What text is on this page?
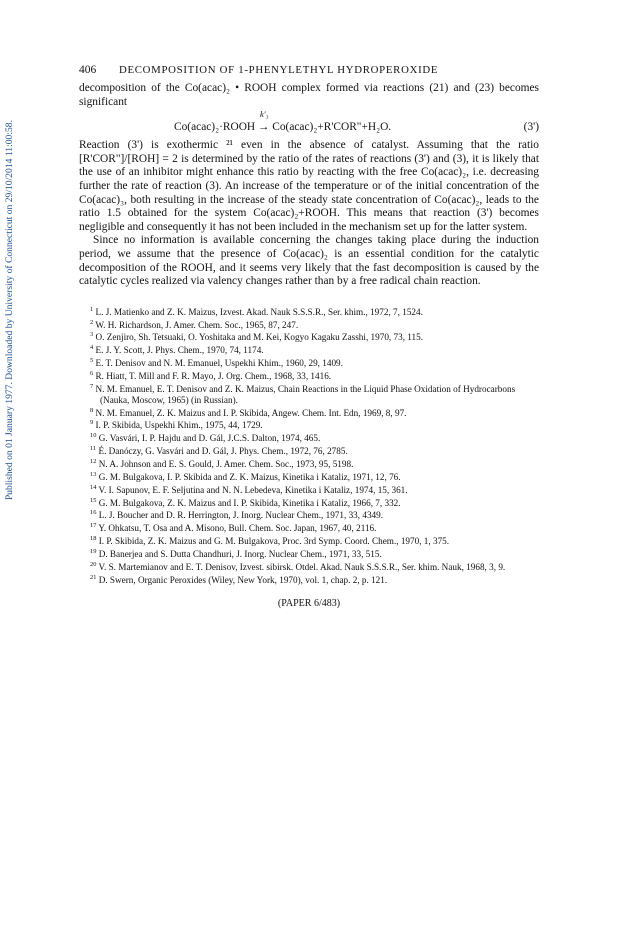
Published on 01 January 1977. Downloaded by University of Connecticut on 29/10/2014 11:00:58.
406 DECOMPOSITION OF 1-PHENYLETHYL HYDROPEROXIDE

decomposition of the Co(acac)₂ • ROOH complex formed via reactions (21) and (23) becomes significant

k'₃
Co(acac)₂·ROOH → Co(acac)₂+R'COR"+H₂O.	(3')

Reaction (3') is exothermic ²¹ even in the absence of catalyst. Assuming that the ratio [R'COR"]/[ROH] = 2 is determined by the ratio of the rates of reactions (3') and (3), it is likely that the use of an inhibitor might enhance this ratio by reacting with the free Co(acac)₂, i.e. decreasing further the rate of reaction (3). An increase of the temperature or of the initial concentration of the Co(acac)₃, both resulting in the increase of the steady state concentration of Co(acac)₂, leads to the ratio 1.5 obtained for the system Co(acac)₂+ROOH. This means that reaction (3') becomes negligible and consequently it has not been included in the mechanism set up for the latter system.

Since no information is available concerning the changes taking place during the induction period, we assume that the presence of Co(acac)₂ is an essential condition for the catalytic decomposition of the ROOH, and it seems very likely that the fast decomposition is caused by the catalytic cycles realized via valency changes rather than by a free radical chain reaction.

$^1$ L. J. Matienko and Z. K. Maizus, Izvest. Akad. Nauk S.S.S.R., Ser. khim., 1972, 7, 1524.
$^2$ W. H. Richardson, J. Amer. Chem. Soc., 1965, 87, 247.
$^3$ O. Zenjiro, Sh. Tetsuaki, O. Yoshitaka and M. Kei, Kogyo Kagaku Zasshi, 1970, 73, 115.
$^4$ E. J. Y. Scott, J. Phys. Chem., 1970, 74, 1174.
$^5$ E. T. Denisov and N. M. Emanuel, Uspekhi Khim., 1960, 29, 1409.
$^6$ R. Hiatt, T. Mill and F. R. Mayo, J. Org. Chem., 1968, 33, 1416.
$^7$ N. M. Emanuel, E. T. Denisov and Z. K. Maizus, Chain Reactions in the Liquid Phase Oxidation of Hydrocarbons (Nauka, Moscow, 1965) (in Russian).
$^8$ N. M. Emanuel, Z. K. Maizus and I. P. Skibida, Angew. Chem. Int. Edn, 1969, 8, 97.
$^9$ I. P. Skibida, Uspekhi Khim., 1975, 44, 1729.
$^{10}$ G. Vasvári, I. P. Hajdu and D. Gál, J.C.S. Dalton, 1974, 465.
$^{11}$ É. Danóczy, G. Vasvári and D. Gál, J. Phys. Chem., 1972, 76, 2785.
$^{12}$ N. A. Johnson and E. S. Gould, J. Amer. Chem. Soc., 1973, 95, 5198.
$^{13}$ G. M. Bulgakova, I. P. Skibida and Z. K. Maizus, Kinetika i Kataliz, 1971, 12, 76.
$^{14}$ V. I. Sapunov, E. F. Seljutina and N. N. Lebedeva, Kinetika i Kataliz, 1974, 15, 361.
$^{15}$ G. M. Bulgakova, Z. K. Maizus and I. P. Skibida, Kinetika i Kataliz, 1966, 7, 332.
$^{16}$ L. J. Boucher and D. R. Herrington, J. Inorg. Nuclear Chem., 1971, 33, 4349.
$^{17}$ Y. Ohkatsu, T. Osa and A. Misono, Bull. Chem. Soc. Japan, 1967, 40, 2116.
$^{18}$ I. P. Skibida, Z. K. Maizus and G. M. Bulgakova, Proc. 3rd Symp. Coord. Chem., 1970, 1, 375.
$^{19}$ D. Banerjea and S. Dutta Chandhuri, J. Inorg. Nuclear Chem., 1971, 33, 515.
$^{20}$ V. S. Martemianov and E. T. Denisov, Izvest. sibirsk. Otdel. Akad. Nauk S.S.S.R., Ser. khim. Nauk, 1968, 3, 9.
$^{21}$ D. Swern, Organic Peroxides (Wiley, New York, 1970), vol. 1, chap. 2, p. 121.
(PAPER 6/483)
